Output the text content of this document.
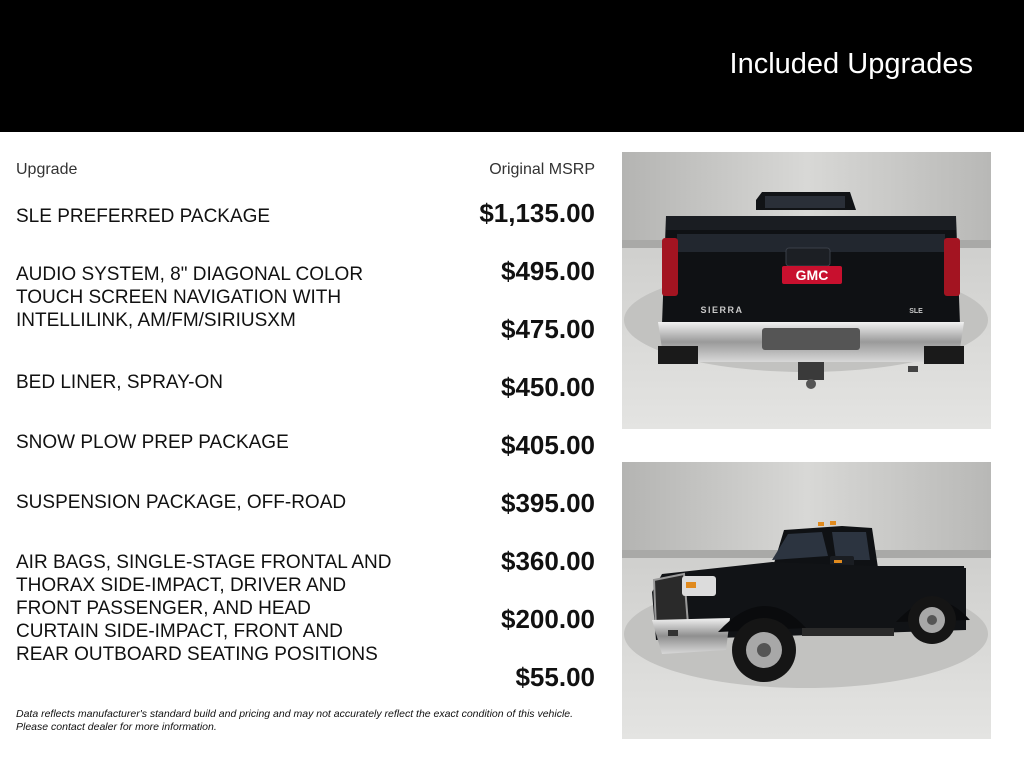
Included Upgrades
Upgrade	Original MSRP
SLE PREFERRED PACKAGE
AUDIO SYSTEM, 8" DIAGONAL COLOR TOUCH SCREEN NAVIGATION WITH INTELLILINK, AM/FM/SIRIUSXM
BED LINER, SPRAY-ON
SNOW PLOW PREP PACKAGE
SUSPENSION PACKAGE, OFF-ROAD
AIR BAGS, SINGLE-STAGE FRONTAL AND THORAX SIDE-IMPACT, DRIVER AND FRONT PASSENGER, AND HEAD CURTAIN SIDE-IMPACT, FRONT AND REAR OUTBOARD SEATING POSITIONS
$1,135.00
$495.00
$475.00
$450.00
$405.00
$395.00
$360.00
$200.00
$55.00
Data reflects manufacturer's standard build and pricing and may not accurately reflect the exact condition of this vehicle. Please contact dealer for more information.
GMC
SIERRA	SLE
